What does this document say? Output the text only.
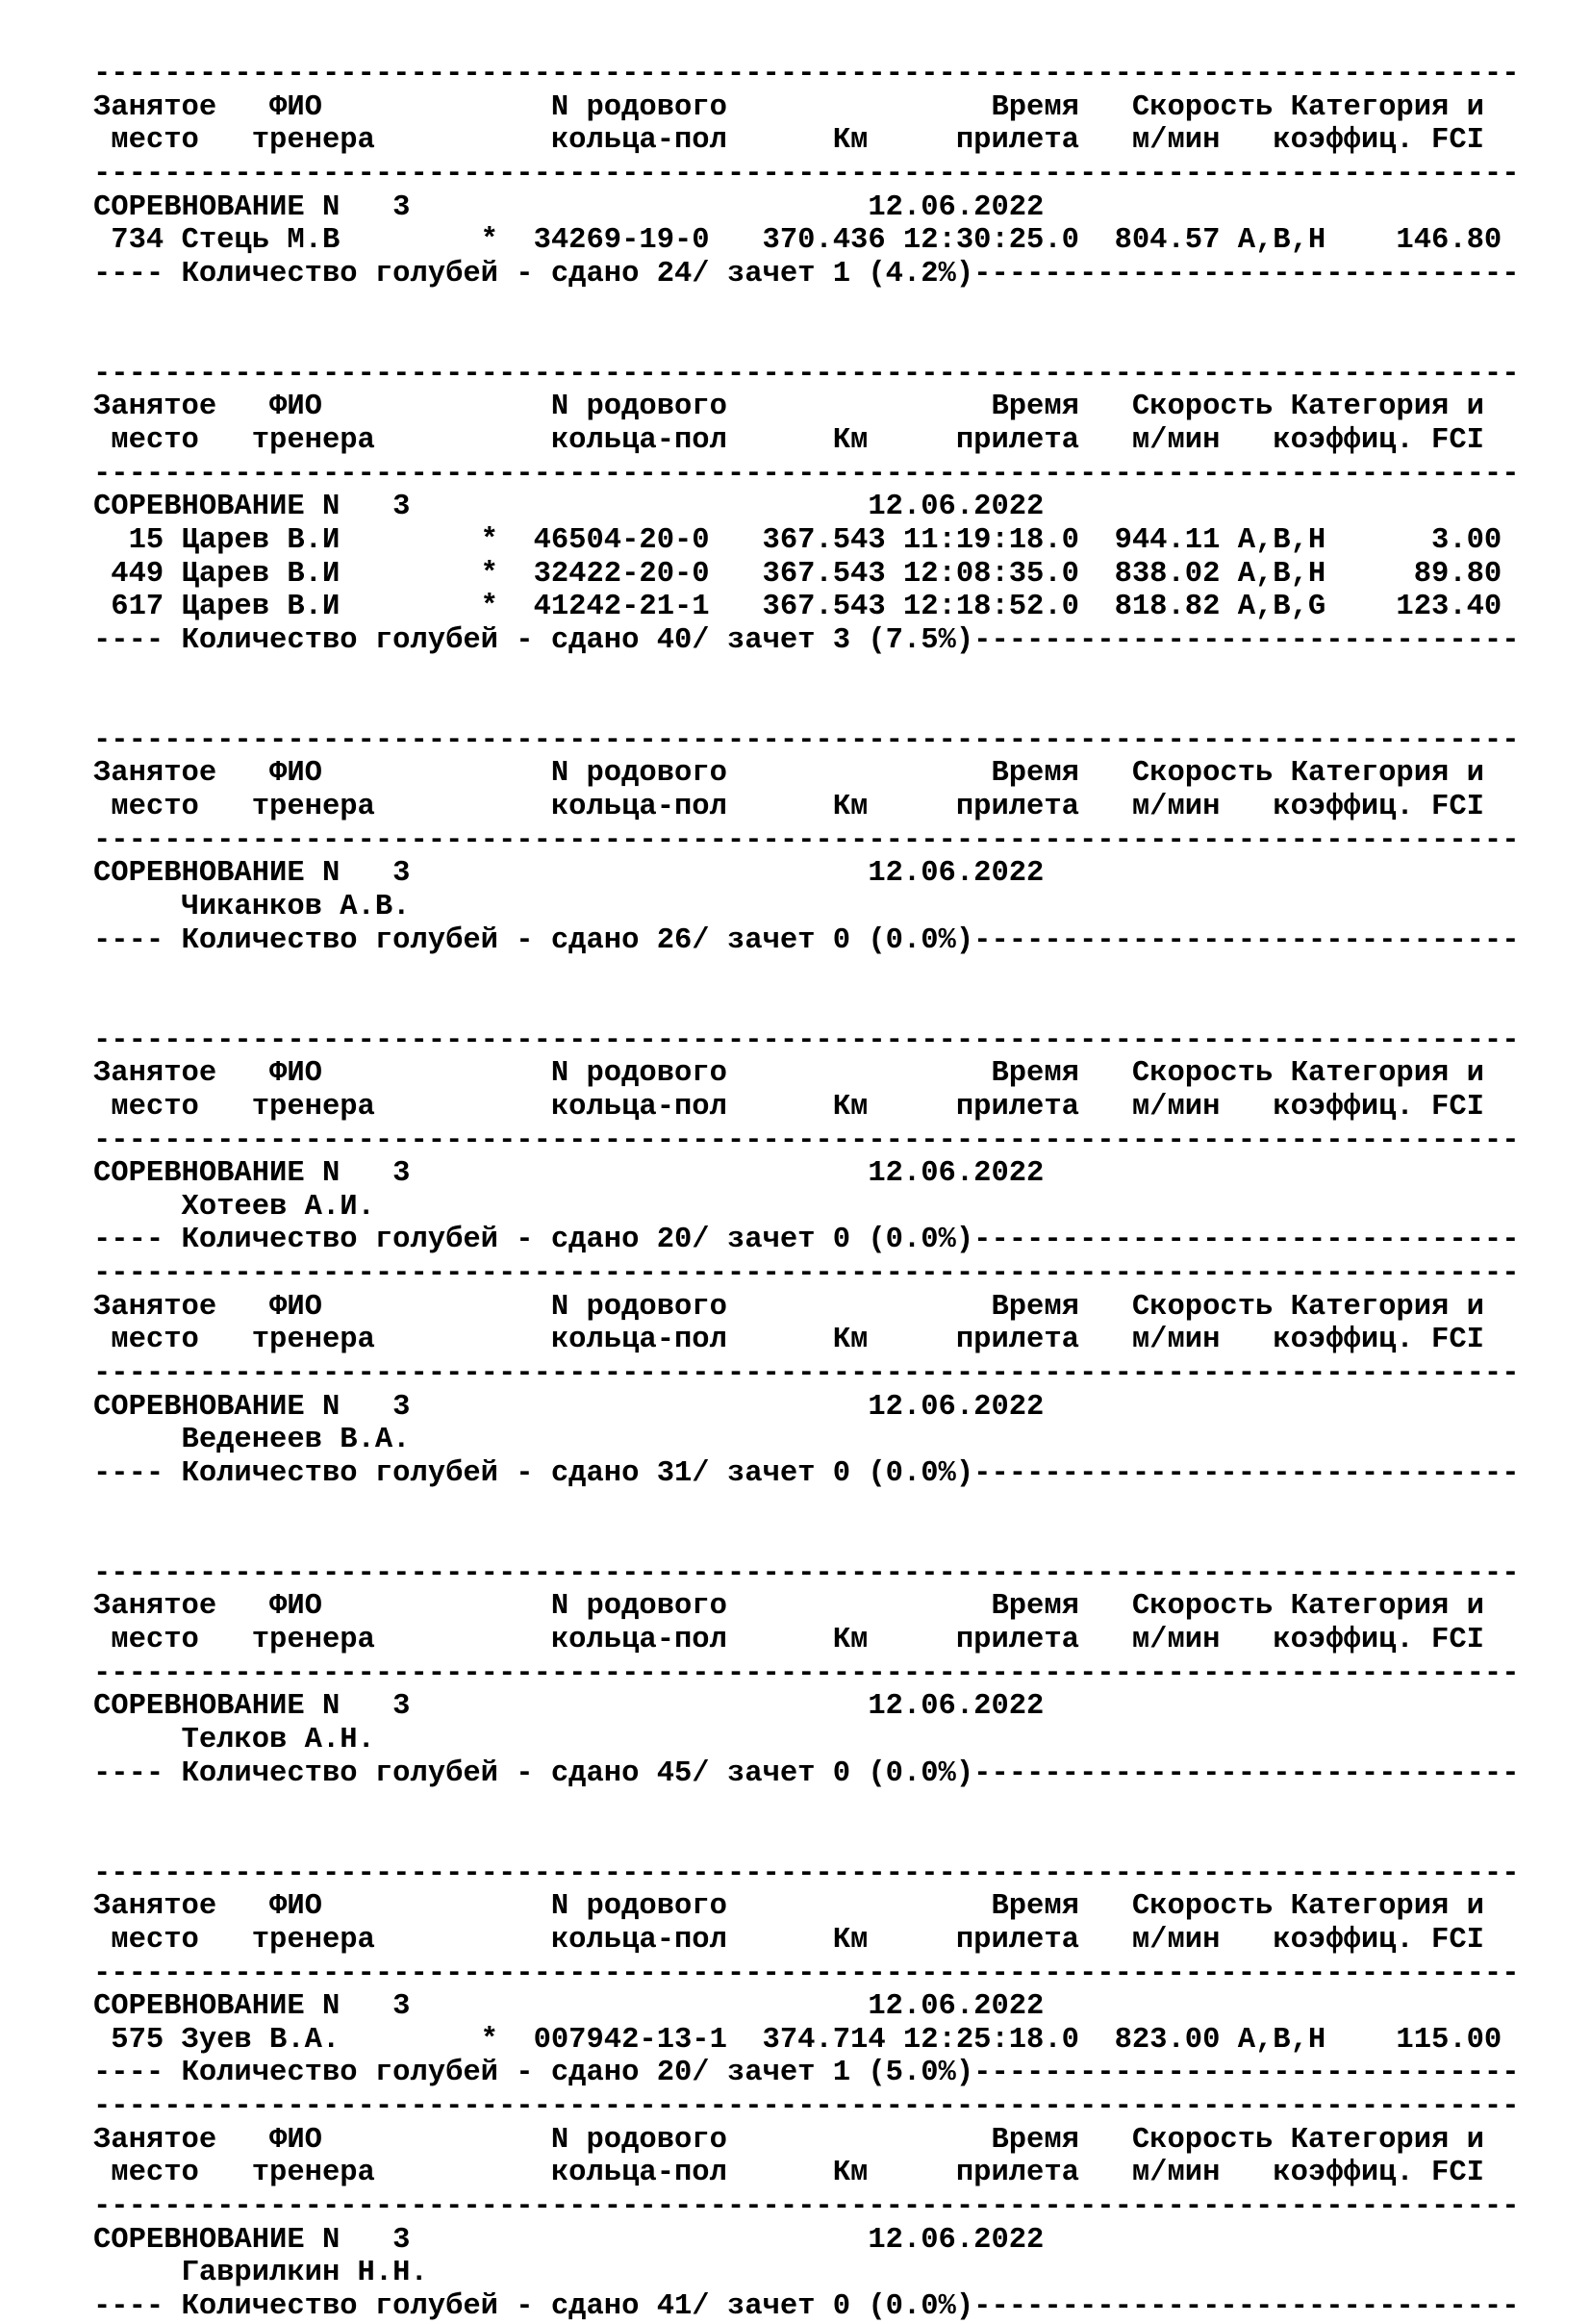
---------------------------------------------------------------------------------
Занятое   ФИО             N родового               Время   Скорость Категория и
место   тренера          кольца-пол      Км     прилета   м/мин   коэффиц. FCI
---------------------------------------------------------------------------------
СОРЕВНОВАНИЕ N   3                          12.06.2022
734 Стець М.В        *  34269-19-0   370.436 12:30:25.0  804.57 A,B,H    146.80
---- Количество голубей - сдано 24/ зачет 1 (4.2%)-------------------------------
---------------------------------------------------------------------------------
Занятое   ФИО             N родового               Время   Скорость Категория и
место   тренера          кольца-пол      Км     прилета   м/мин   коэффиц. FCI
---------------------------------------------------------------------------------
СОРЕВНОВАНИЕ N   3                          12.06.2022
15 Царев В.И        *  46504-20-0   367.543 11:19:18.0  944.11 A,B,H      3.00
449 Царев В.И        *  32422-20-0   367.543 12:08:35.0  838.02 A,B,H     89.80
617 Царев В.И        *  41242-21-1   367.543 12:18:52.0  818.82 A,B,G    123.40
---- Количество голубей - сдано 40/ зачет 3 (7.5%)-------------------------------
---------------------------------------------------------------------------------
Занятое   ФИО             N родового               Время   Скорость Категория и
место   тренера          кольца-пол      Км     прилета   м/мин   коэффиц. FCI
---------------------------------------------------------------------------------
СОРЕВНОВАНИЕ N   3                          12.06.2022
Чиканков А.В.
---- Количество голубей - сдано 26/ зачет 0 (0.0%)-------------------------------
---------------------------------------------------------------------------------
Занятое   ФИО             N родового               Время   Скорость Категория и
место   тренера          кольца-пол      Км     прилета   м/мин   коэффиц. FCI
---------------------------------------------------------------------------------
СОРЕВНОВАНИЕ N   3                          12.06.2022
Хотеев А.И.
---- Количество голубей - сдано 20/ зачет 0 (0.0%)-------------------------------
---------------------------------------------------------------------------------
Занятое   ФИО             N родового               Время   Скорость Категория и
место   тренера          кольца-пол      Км     прилета   м/мин   коэффиц. FCI
---------------------------------------------------------------------------------
СОРЕВНОВАНИЕ N   3                          12.06.2022
Веденеев В.А.
---- Количество голубей - сдано 31/ зачет 0 (0.0%)-------------------------------
---------------------------------------------------------------------------------
Занятое   ФИО             N родового               Время   Скорость Категория и
место   тренера          кольца-пол      Км     прилета   м/мин   коэффиц. FCI
---------------------------------------------------------------------------------
СОРЕВНОВАНИЕ N   3                          12.06.2022
Телков А.Н.
---- Количество голубей - сдано 45/ зачет 0 (0.0%)-------------------------------
---------------------------------------------------------------------------------
Занятое   ФИО             N родового               Время   Скорость Категория и
место   тренера          кольца-пол      Км     прилета   м/мин   коэффиц. FCI
---------------------------------------------------------------------------------
СОРЕВНОВАНИЕ N   3                          12.06.2022
575 Зуев В.А.        *  007942-13-1  374.714 12:25:18.0  823.00 A,B,H    115.00
---- Количество голубей - сдано 20/ зачет 1 (5.0%)-------------------------------
---------------------------------------------------------------------------------
Занятое   ФИО             N родового               Время   Скорость Категория и
место   тренера          кольца-пол      Км     прилета   м/мин   коэффиц. FCI
---------------------------------------------------------------------------------
СОРЕВНОВАНИЕ N   3                          12.06.2022
Гаврилкин Н.Н.
---- Количество голубей - сдано 41/ зачет 0 (0.0%)-------------------------------
